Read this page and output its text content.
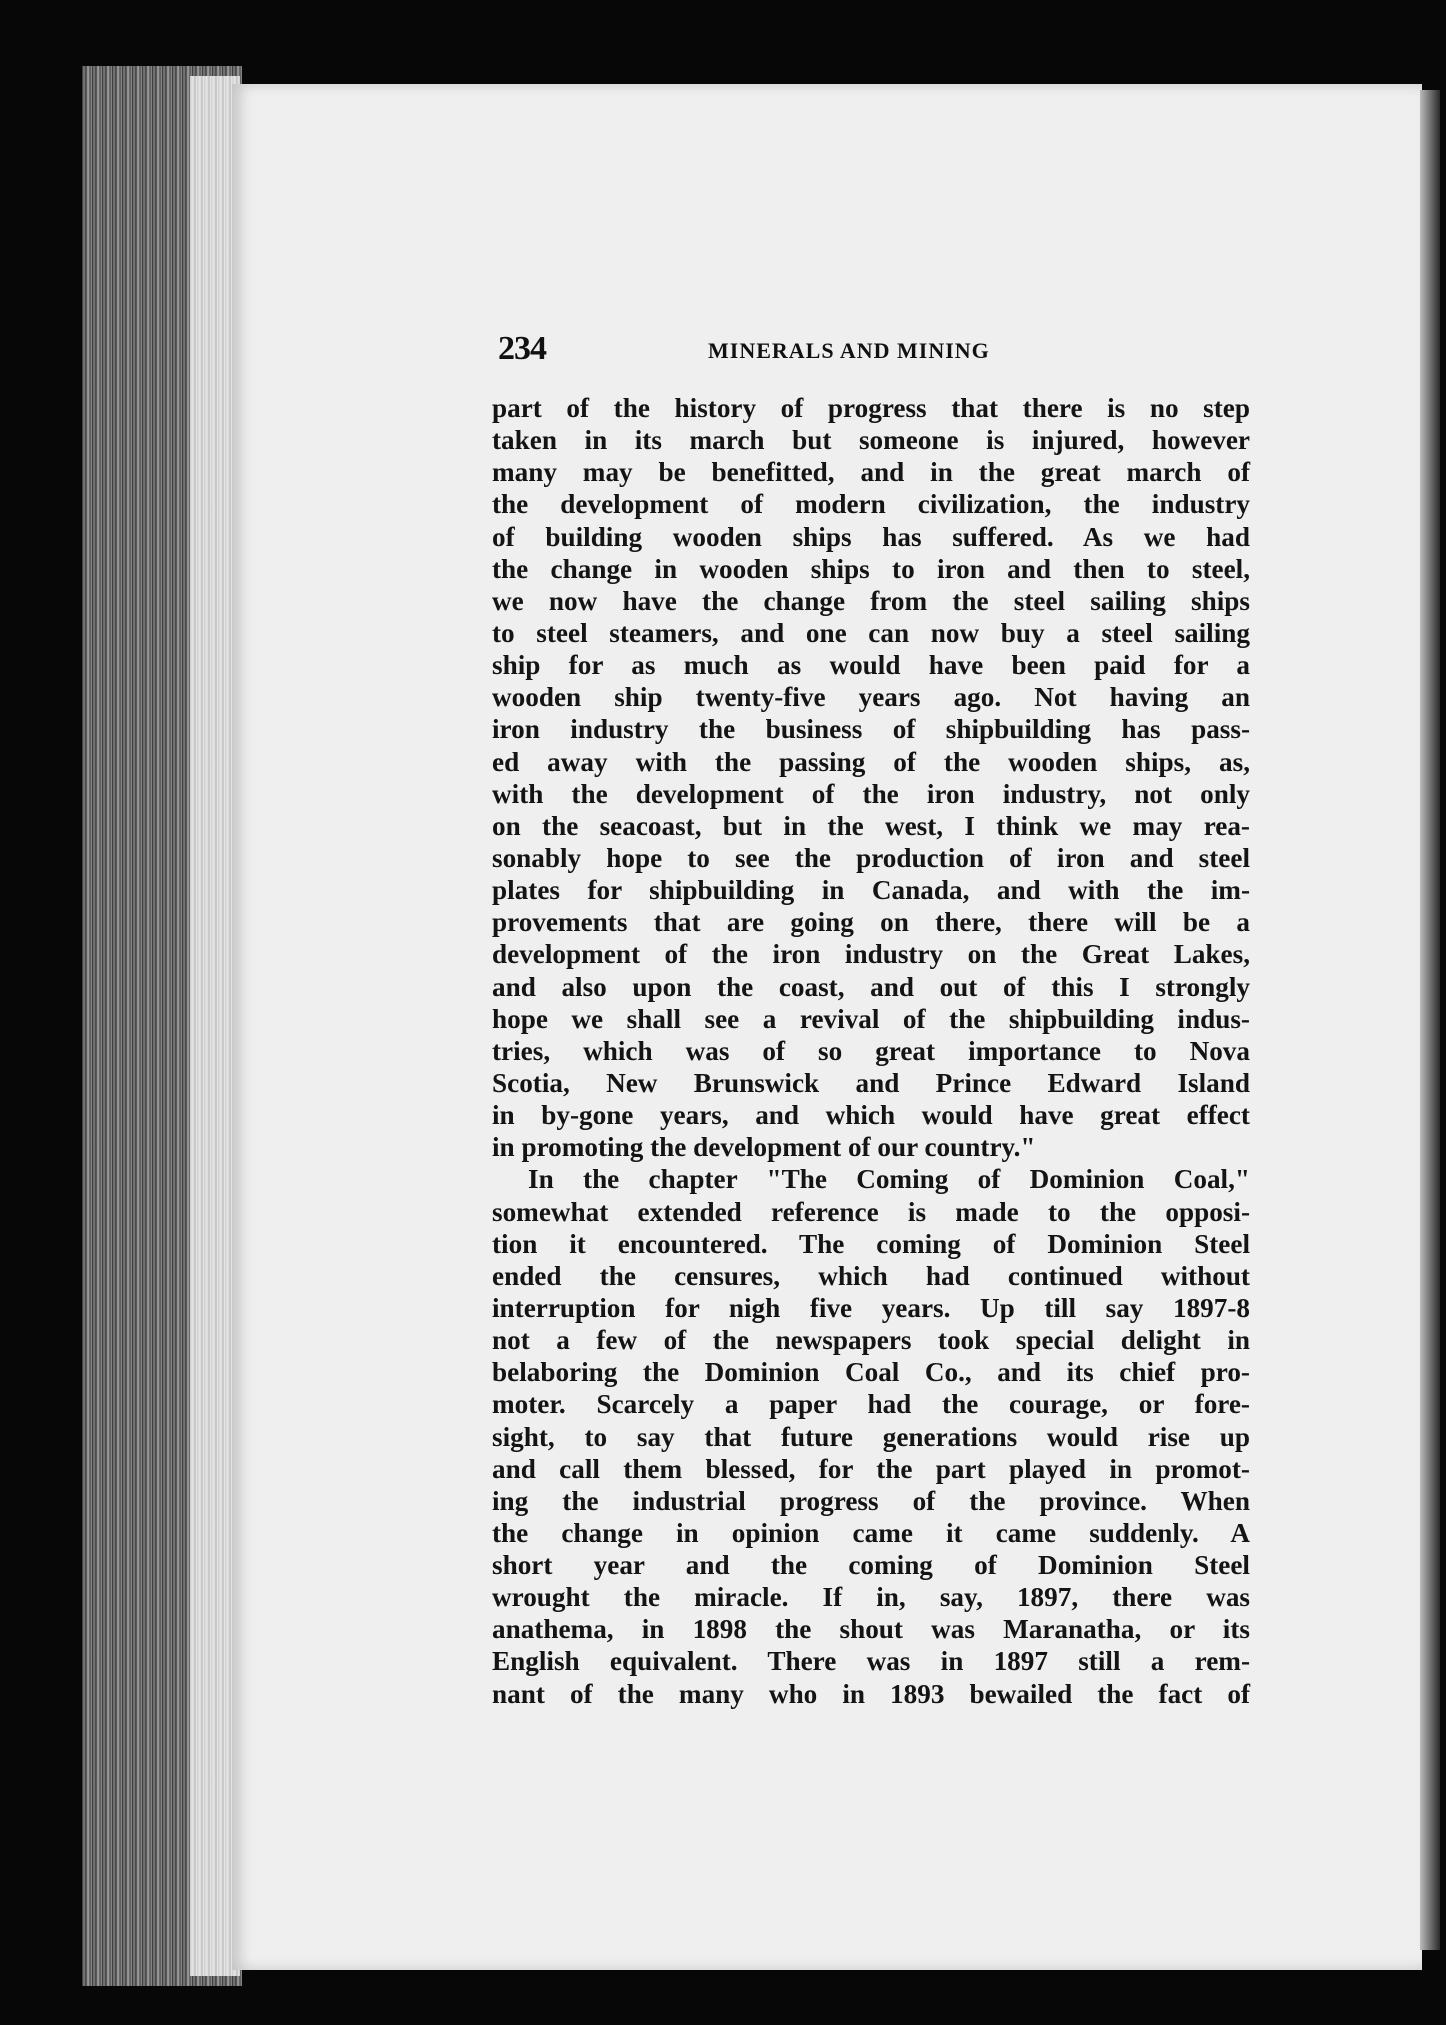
234	MINERALS AND MINING
part of the history of progress that there is no step
taken in its march but someone is injured, however
many may be benefitted, and in the great march of
the development of modern civilization, the industry
of building wooden ships has suffered. As we had
the change in wooden ships to iron and then to steel,
we now have the change from the steel sailing ships
to steel steamers, and one can now buy a steel sailing
ship for as much as would have been paid for a
wooden ship twenty-five years ago. Not having an
iron industry the business of shipbuilding has pass-
ed away with the passing of the wooden ships, as,
with the development of the iron industry, not only
on the seacoast, but in the west, I think we may rea-
sonably hope to see the production of iron and steel
plates for shipbuilding in Canada, and with the im-
provements that are going on there, there will be a
development of the iron industry on the Great Lakes,
and also upon the coast, and out of this I strongly
hope we shall see a revival of the shipbuilding indus-
tries, which was of so great importance to Nova
Scotia, New Brunswick and Prince Edward Island
in by-gone years, and which would have great effect
in promoting the development of our country."
In the chapter "The Coming of Dominion Coal,"
somewhat extended reference is made to the opposi-
tion it encountered. The coming of Dominion Steel
ended the censures, which had continued without
interruption for nigh five years. Up till say 1897-8
not a few of the newspapers took special delight in
belaboring the Dominion Coal Co., and its chief pro-
moter. Scarcely a paper had the courage, or fore-
sight, to say that future generations would rise up
and call them blessed, for the part played in promot-
ing the industrial progress of the province. When
the change in opinion came it came suddenly. A
short year and the coming of Dominion Steel
wrought the miracle. If in, say, 1897, there was
anathema, in 1898 the shout was Maranatha, or its
English equivalent. There was in 1897 still a rem-
nant of the many who in 1893 bewailed the fact of
